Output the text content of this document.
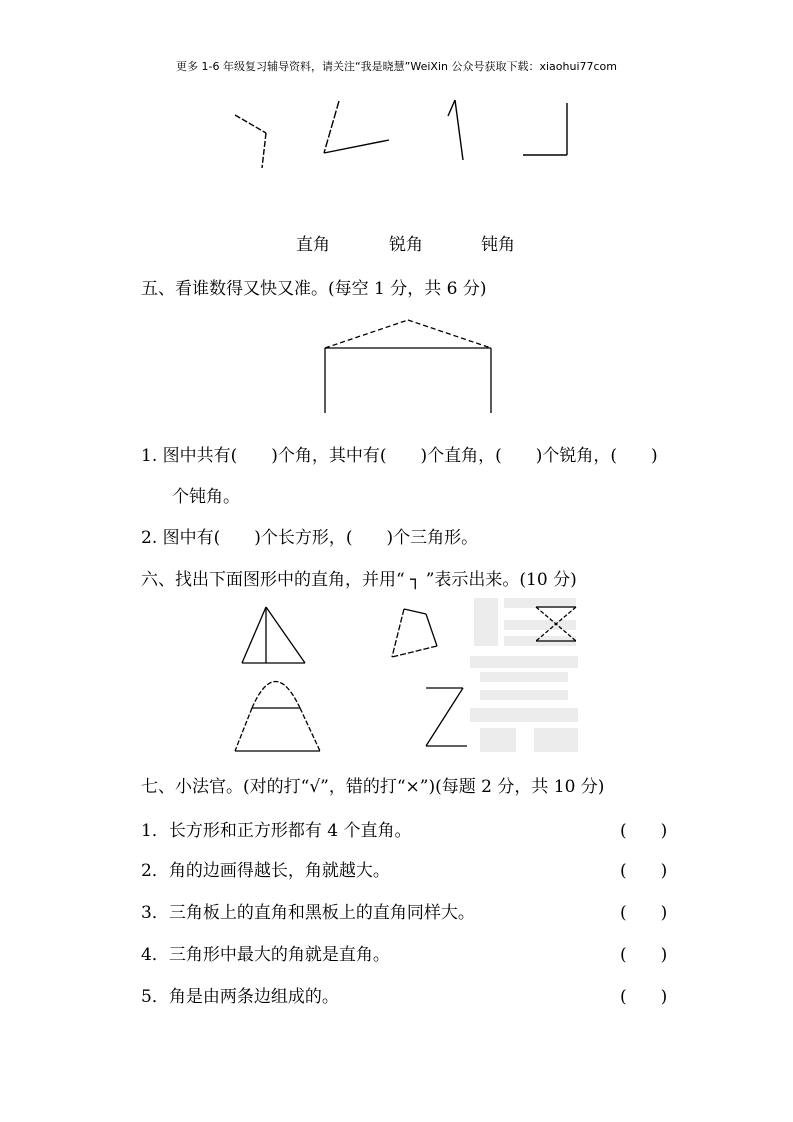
更多 1-6 年级复习辅导资料，请关注“我是晓慧”WeiXin 公众号获取下载：xiaohui77com
直角	锐角	钝角
五、看谁数得又快又准。(每空 1 分，共 6 分)
1. 图中共有(　　)个角，其中有(　　)个直角，(　　)个锐角，(　　)
个钝角。
2. 图中有(　　)个长方形，(　　)个三角形。
六、找出下面图形中的直角，并用“ ┐ ”表示出来。(10 分)
七、小法官。(对的打“√”，错的打“×”)(每题 2 分，共 10 分)
1．长方形和正方形都有 4 个直角。	(　　)
2．角的边画得越长，角就越大。	(　　)
3．三角板上的直角和黑板上的直角同样大。	(　　)
4．三角形中最大的角就是直角。	(　　)
5．角是由两条边组成的。	(　　)
